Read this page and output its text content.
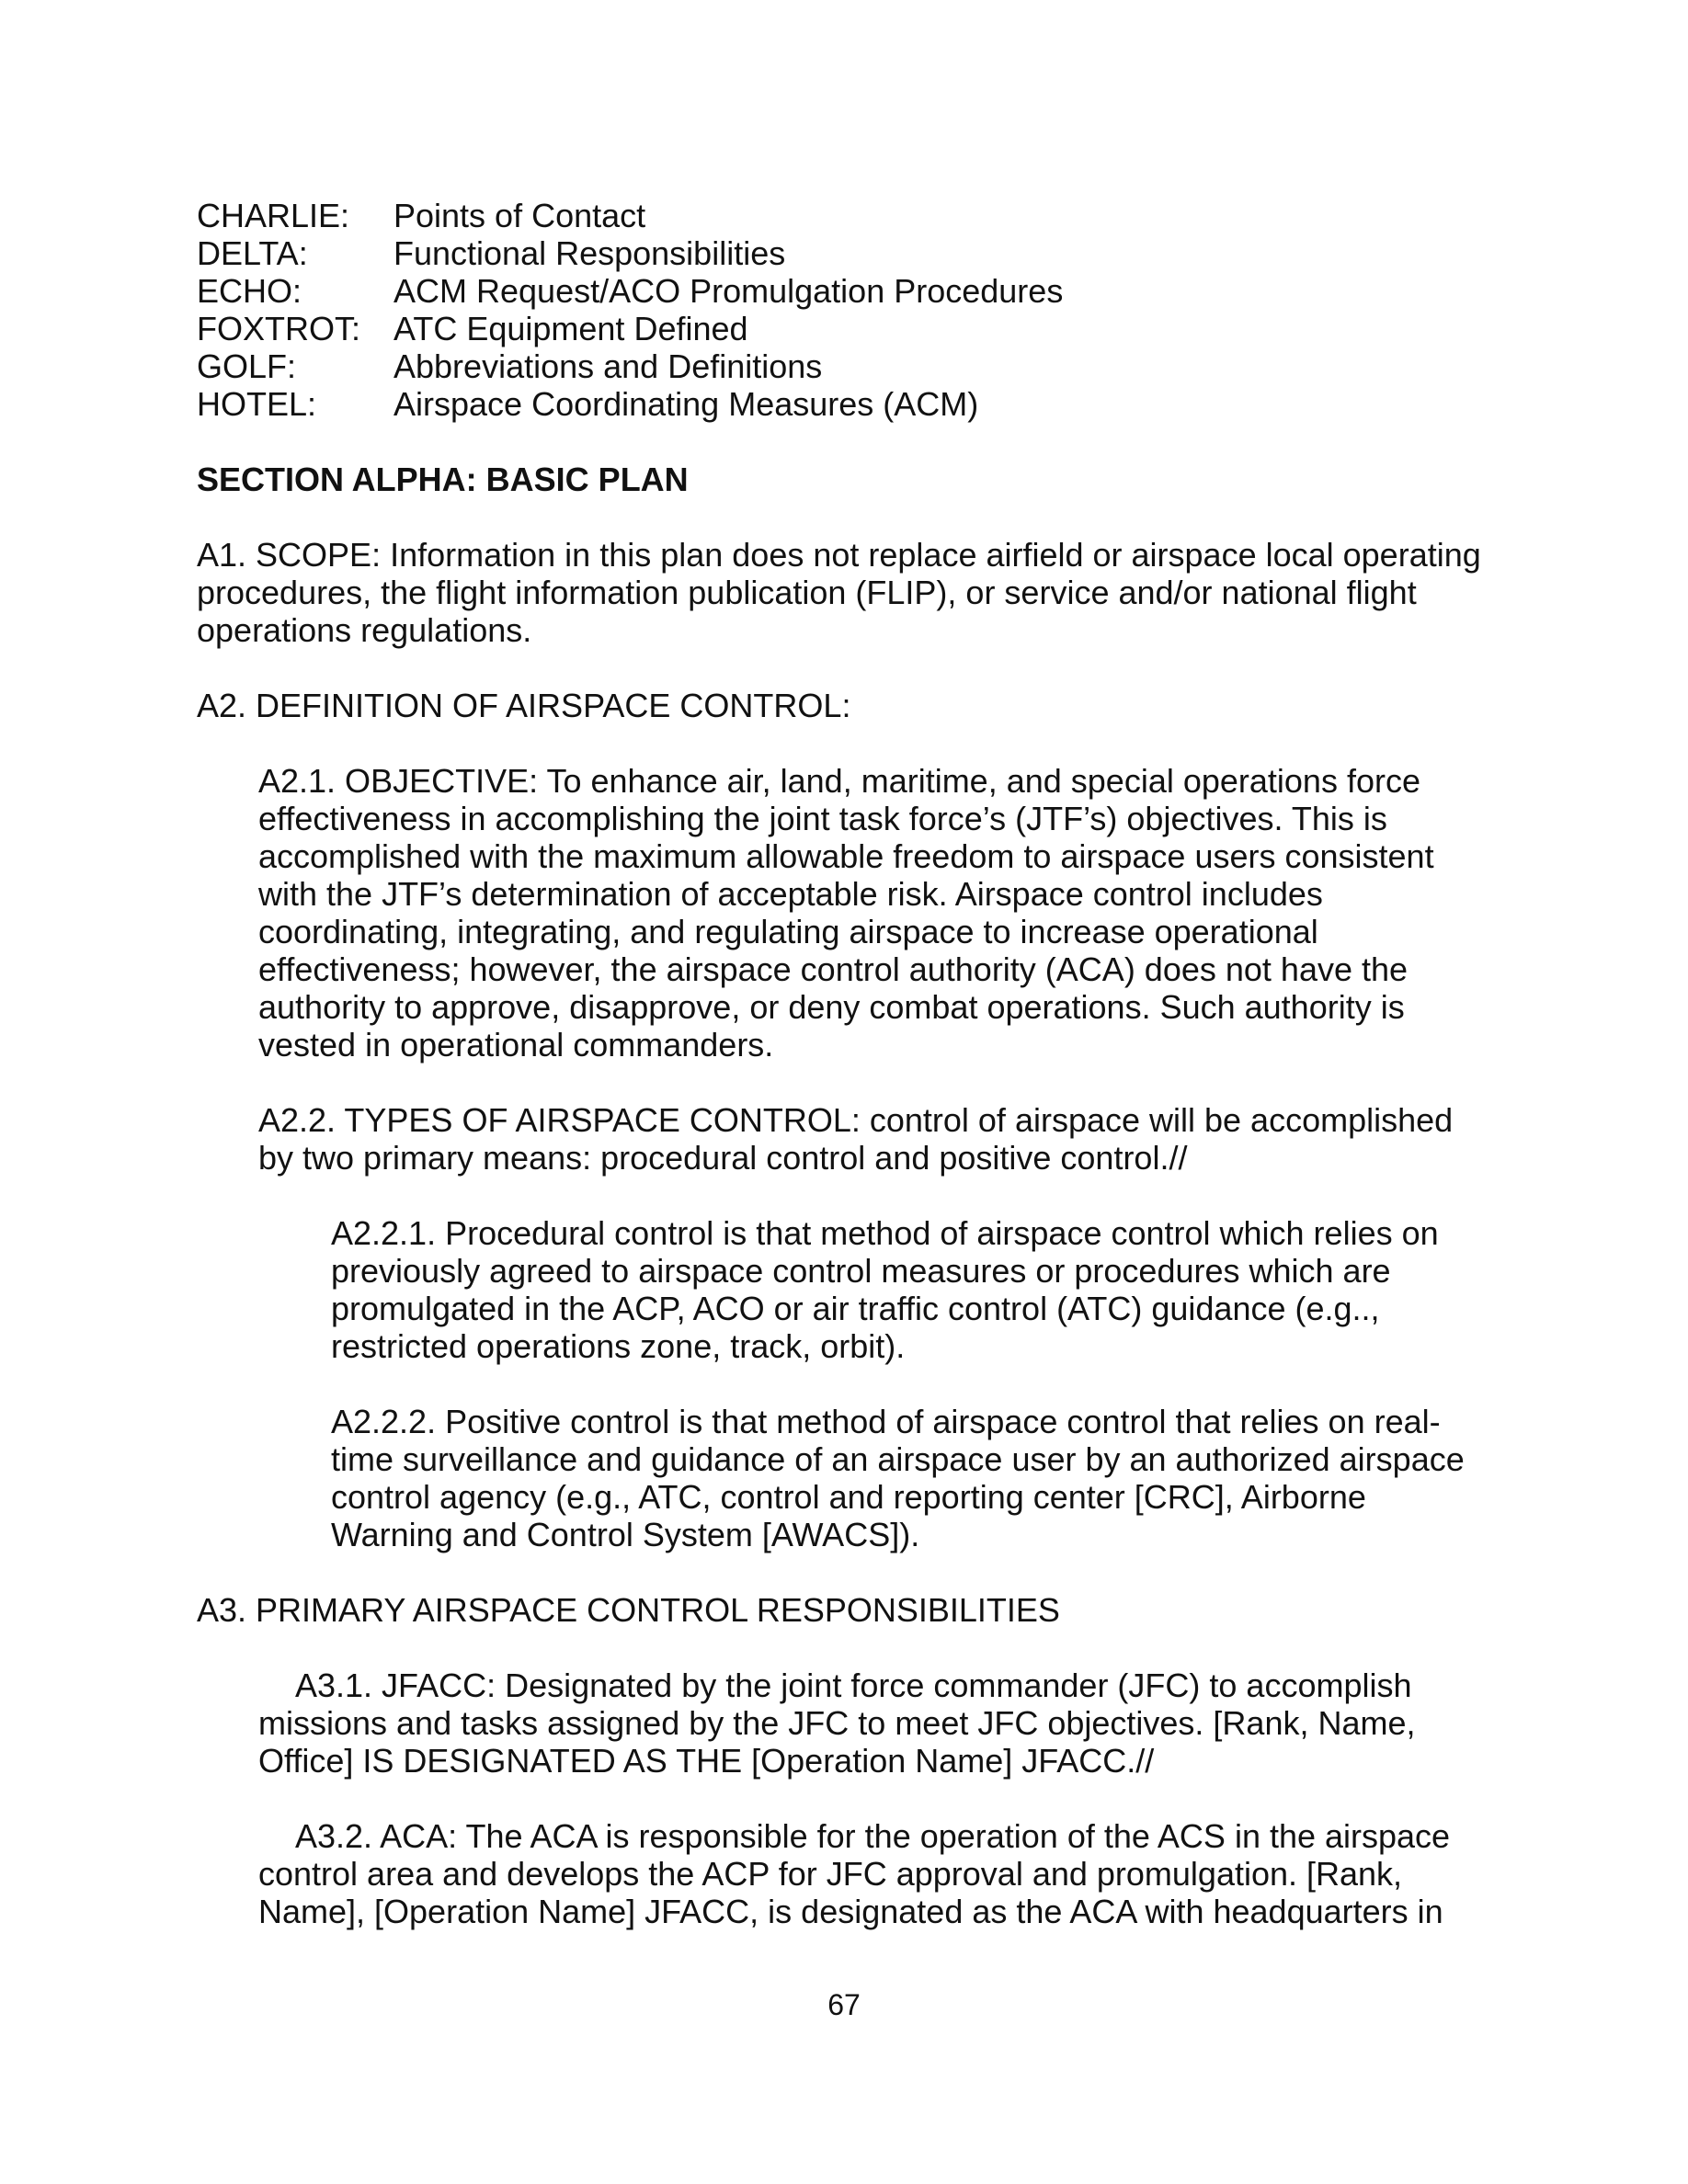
CHARLIE: Points of Contact
DELTA:	Functional Responsibilities
ECHO:	ACM Request/ACO Promulgation Procedures
FOXTROT: ATC Equipment Defined
GOLF:	Abbreviations and Definitions
HOTEL: Airspace Coordinating Measures (ACM)
SECTION ALPHA: BASIC PLAN
A1. SCOPE: Information in this plan does not replace airfield or airspace local operating
procedures, the flight information publication (FLIP), or service and/or national flight
operations regulations.
A2. DEFINITION OF AIRSPACE CONTROL:
A2.1. OBJECTIVE: To enhance air, land, maritime, and special operations force
effectiveness in accomplishing the joint task force’s (JTF’s) objectives. This is
accomplished with the maximum allowable freedom to airspace users consistent
with the JTF’s determination of acceptable risk. Airspace control includes
coordinating, integrating, and regulating airspace to increase operational
effectiveness; however, the airspace control authority (ACA) does not have the
authority to approve, disapprove, or deny combat operations. Such authority is
vested in operational commanders.
A2.2. TYPES OF AIRSPACE CONTROL: control of airspace will be accomplished
by two primary means: procedural control and positive control.//
A2.2.1. Procedural control is that method of airspace control which relies on
previously agreed to airspace control measures or procedures which are
promulgated in the ACP, ACO or air traffic control (ATC) guidance (e.g..,
restricted operations zone, track, orbit).
A2.2.2. Positive control is that method of airspace control that relies on real-
time surveillance and guidance of an airspace user by an authorized airspace
control agency (e.g., ATC, control and reporting center [CRC], Airborne
Warning and Control System [AWACS]).
A3. PRIMARY AIRSPACE CONTROL RESPONSIBILITIES
A3.1. JFACC: Designated by the joint force commander (JFC) to accomplish
missions and tasks assigned by the JFC to meet JFC objectives. [Rank, Name,
Office] IS DESIGNATED AS THE [Operation Name] JFACC.//
A3.2. ACA: The ACA is responsible for the operation of the ACS in the airspace
control area and develops the ACP for JFC approval and promulgation. [Rank,
Name], [Operation Name] JFACC, is designated as the ACA with headquarters in
67
